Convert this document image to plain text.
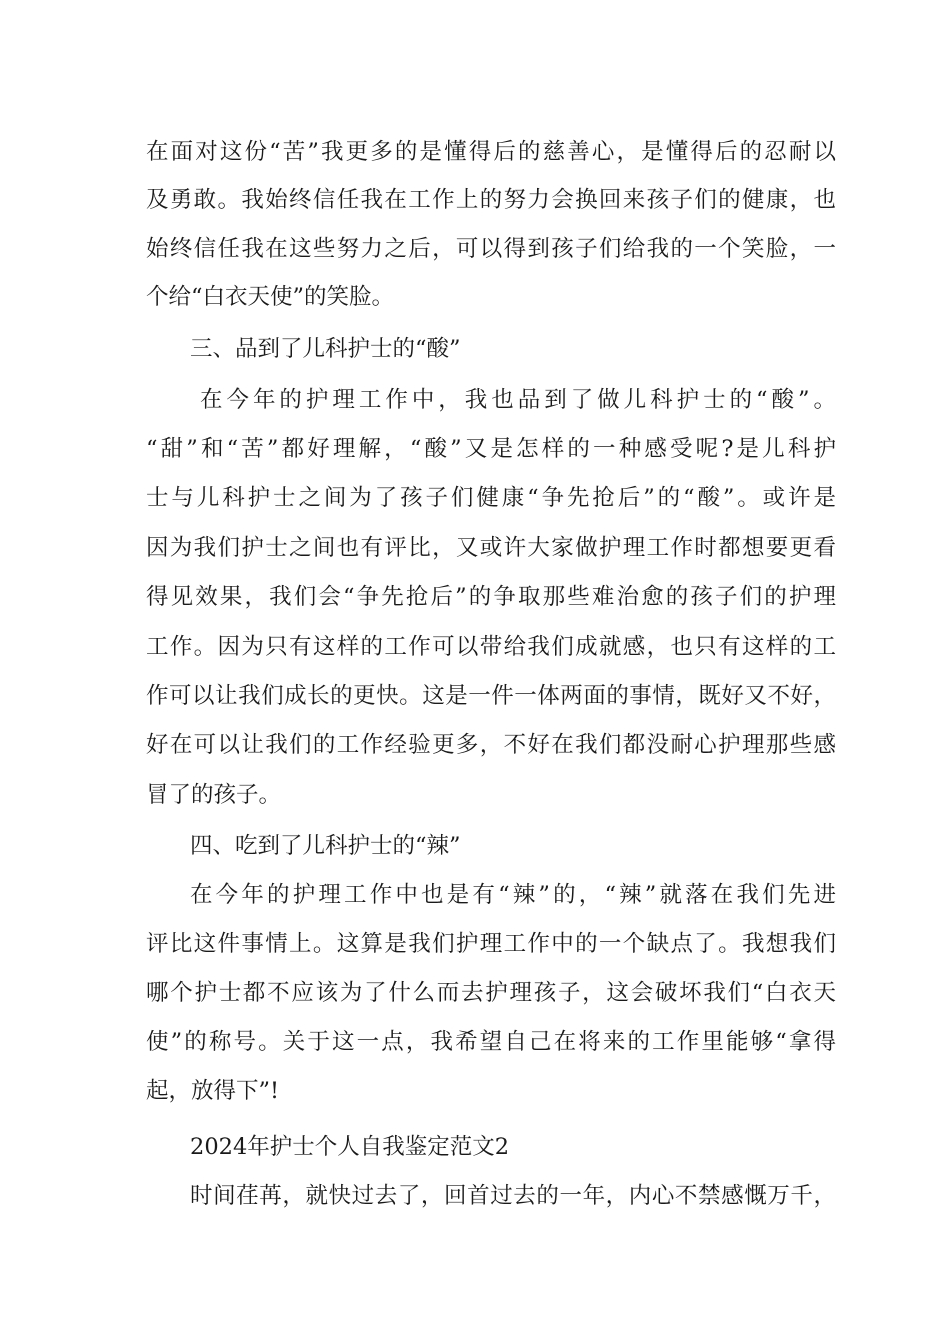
在面对这份“苦”我更多的是懂得后的慈善心，是懂得后的忍耐以
及勇敢。我始终信任我在工作上的努力会换回来孩子们的健康，也
始终信任我在这些努力之后，可以得到孩子们给我的一个笑脸，一
个给“白衣天使”的笑脸。
三、品到了儿科护士的“酸”
在今年的护理工作中，我也品到了做儿科护士的“酸”。
“甜”和“苦”都好理解，“酸”又是怎样的一种感受呢?是儿科护
士与儿科护士之间为了孩子们健康“争先抢后”的“酸”。或许是
因为我们护士之间也有评比，又或许大家做护理工作时都想要更看
得见效果，我们会“争先抢后”的争取那些难治愈的孩子们的护理
工作。因为只有这样的工作可以带给我们成就感，也只有这样的工
作可以让我们成长的更快。这是一件一体两面的事情，既好又不好，
好在可以让我们的工作经验更多，不好在我们都没耐心护理那些感
冒了的孩子。
四、吃到了儿科护士的“辣”
在今年的护理工作中也是有“辣”的，“辣”就落在我们先进
评比这件事情上。这算是我们护理工作中的一个缺点了。我想我们
哪个护士都不应该为了什么而去护理孩子，这会破坏我们“白衣天
使”的称号。关于这一点，我希望自己在将来的工作里能够“拿得
起，放得下”!
2024年护士个人自我鉴定范文2
时间荏苒，就快过去了，回首过去的一年，内心不禁感慨万千，
